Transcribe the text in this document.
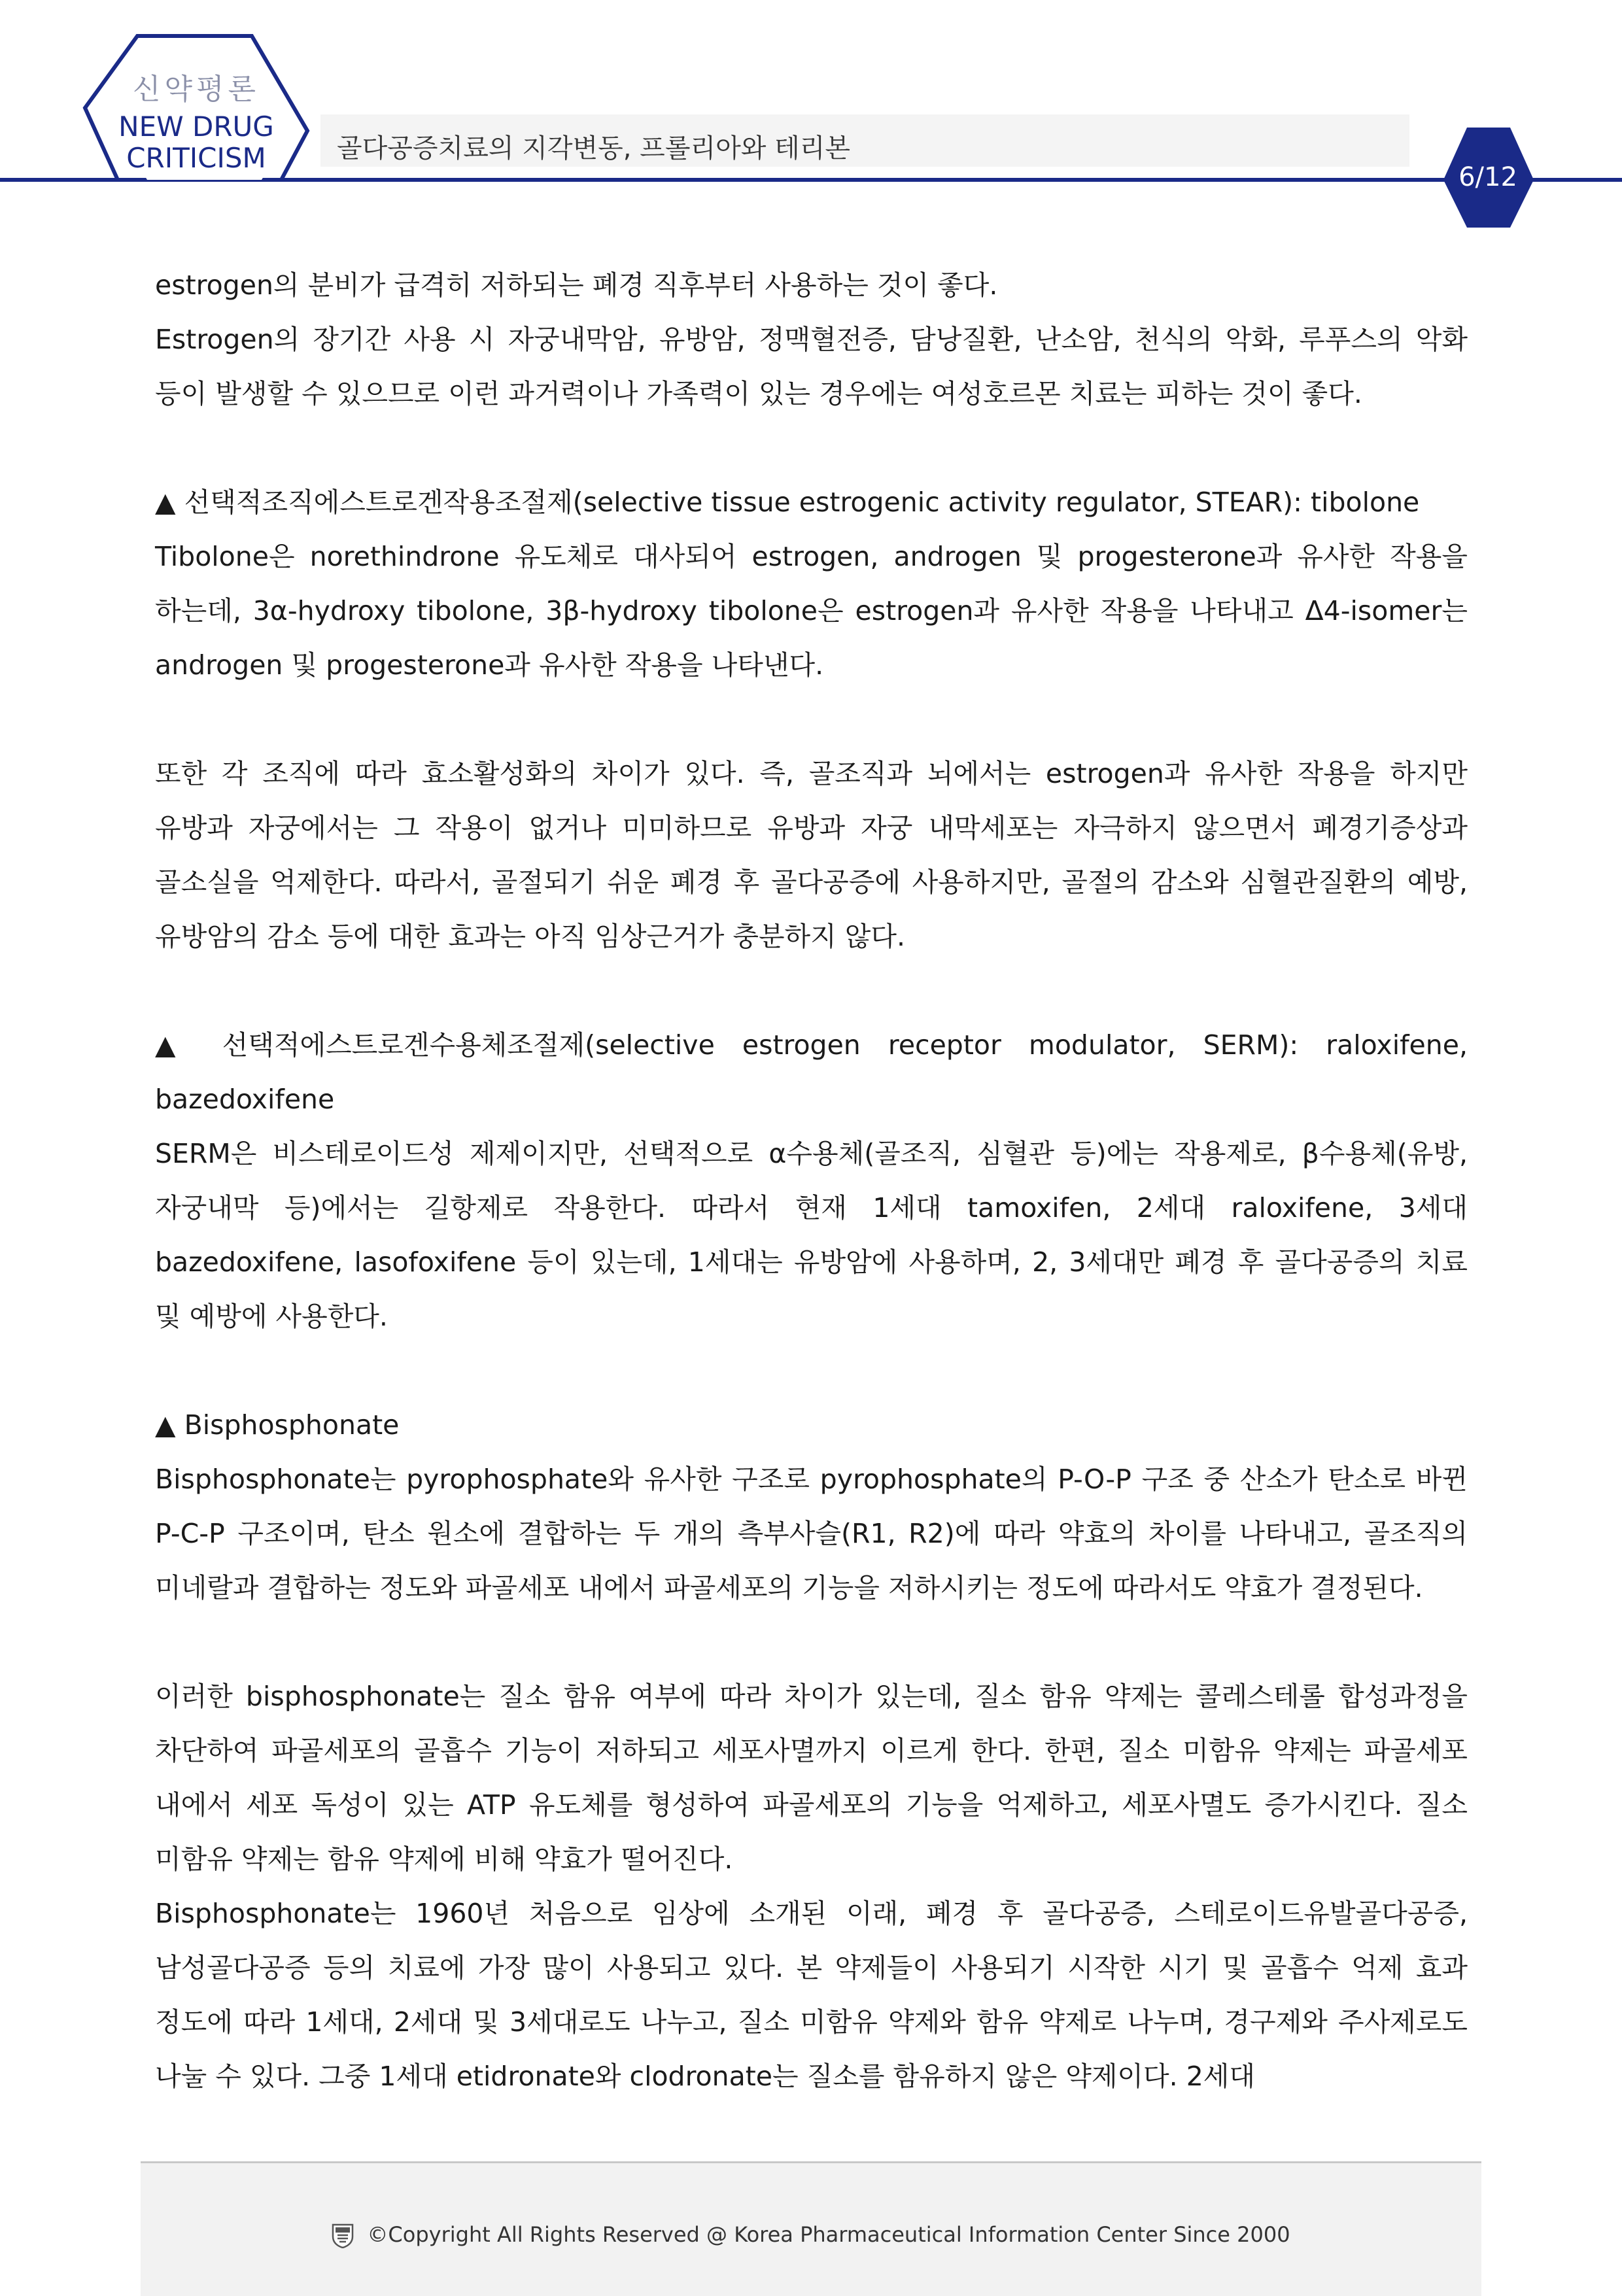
신약평론
NEW DRUG
CRITICISM	골다공증치료의 지각변동, 프롤리아와 테리본
6/12

estrogen의 분비가 급격히 저하되는 폐경 직후부터 사용하는 것이 좋다.

Estrogen의 장기간 사용 시 자궁내막암, 유방암, 정맥혈전증, 담낭질환, 난소암, 천식의 악화, 루푸스의 악화 등이 발생할 수 있으므로 이런 과거력이나 가족력이 있는 경우에는 여성호르몬 치료는 피하는 것이 좋다.

▲ 선택적조직에스트로겐작용조절제(selective tissue estrogenic activity regulator, STEAR): tibolone

Tibolone은 norethindrone 유도체로 대사되어 estrogen, androgen 및 progesterone과 유사한 작용을 하는데, 3α-hydroxy tibolone, 3β-hydroxy tibolone은 estrogen과 유사한 작용을 나타내고 Δ4-isomer는 androgen 및 progesterone과 유사한 작용을 나타낸다.

또한 각 조직에 따라 효소활성화의 차이가 있다. 즉, 골조직과 뇌에서는 estrogen과 유사한 작용을 하지만 유방과 자궁에서는 그 작용이 없거나 미미하므로 유방과 자궁 내막세포는 자극하지 않으면서 폐경기증상과 골소실을 억제한다. 따라서, 골절되기 쉬운 폐경 후 골다공증에 사용하지만, 골절의 감소와 심혈관질환의 예방, 유방암의 감소 등에 대한 효과는 아직 임상근거가 충분하지 않다.

▲ 선택적에스트로겐수용체조절제(selective estrogen receptor modulator, SERM): raloxifene, bazedoxifene

SERM은 비스테로이드성 제제이지만, 선택적으로 α수용체(골조직, 심혈관 등)에는 작용제로, β수용체(유방, 자궁내막 등)에서는 길항제로 작용한다. 따라서 현재 1세대 tamoxifen, 2세대 raloxifene, 3세대 bazedoxifene, lasofoxifene 등이 있는데, 1세대는 유방암에 사용하며, 2, 3세대만 폐경 후 골다공증의 치료 및 예방에 사용한다.

▲ Bisphosphonate

Bisphosphonate는 pyrophosphate와 유사한 구조로 pyrophosphate의 P-O-P 구조 중 산소가 탄소로 바뀐 P-C-P 구조이며, 탄소 원소에 결합하는 두 개의 측부사슬(R1, R2)에 따라 약효의 차이를 나타내고, 골조직의 미네랄과 결합하는 정도와 파골세포 내에서 파골세포의 기능을 저하시키는 정도에 따라서도 약효가 결정된다.

이러한 bisphosphonate는 질소 함유 여부에 따라 차이가 있는데, 질소 함유 약제는 콜레스테롤 합성과정을 차단하여 파골세포의 골흡수 기능이 저하되고 세포사멸까지 이르게 한다. 한편, 질소 미함유 약제는 파골세포 내에서 세포 독성이 있는 ATP 유도체를 형성하여 파골세포의 기능을 억제하고, 세포사멸도 증가시킨다. 질소 미함유 약제는 함유 약제에 비해 약효가 떨어진다.

Bisphosphonate는 1960년 처음으로 임상에 소개된 이래, 폐경 후 골다공증, 스테로이드유발골다공증, 남성골다공증 등의 치료에 가장 많이 사용되고 있다. 본 약제들이 사용되기 시작한 시기 및 골흡수 억제 효과 정도에 따라 1세대, 2세대 및 3세대로도 나누고, 질소 미함유 약제와 함유 약제로 나누며, 경구제와 주사제로도 나눌 수 있다. 그중 1세대 etidronate와 clodronate는 질소를 함유하지 않은 약제이다. 2세대

©Copyright All Rights Reserved @ Korea Pharmaceutical Information Center Since 2000
